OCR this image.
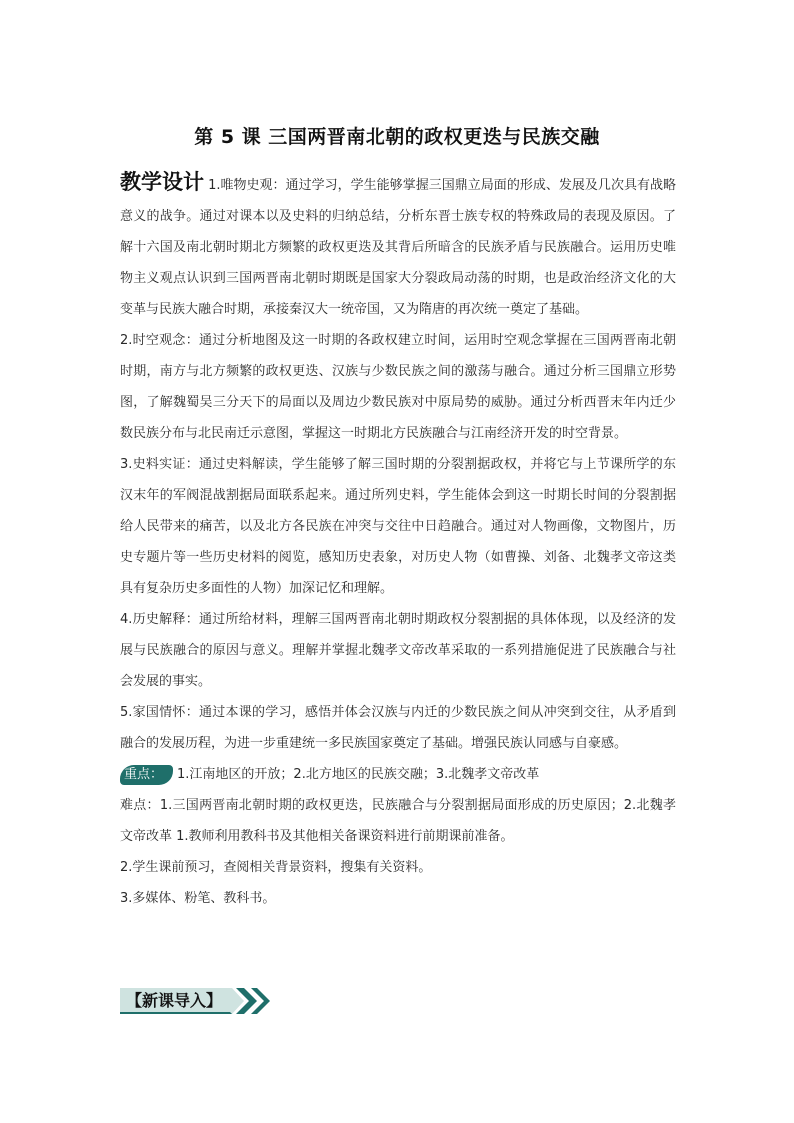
第 5 课 三国两晋南北朝的政权更迭与民族交融

教学设计 1.唯物史观：通过学习，学生能够掌握三国鼎立局面的形成、发展及几次具有战略意义的战争。通过对课本以及史料的归纳总结，分析东晋士族专权的特殊政局的表现及原因。了解十六国及南北朝时期北方频繁的政权更迭及其背后所暗含的民族矛盾与民族融合。运用历史唯物主义观点认识到三国两晋南北朝时期既是国家大分裂政局动荡的时期，也是政治经济文化的大变革与民族大融合时期，承接秦汉大一统帝国，又为隋唐的再次统一奠定了基础。

2.时空观念：通过分析地图及这一时期的各政权建立时间，运用时空观念掌握在三国两晋南北朝时期，南方与北方频繁的政权更迭、汉族与少数民族之间的激荡与融合。通过分析三国鼎立形势图，了解魏蜀吴三分天下的局面以及周边少数民族对中原局势的威胁。通过分析西晋末年内迁少数民族分布与北民南迁示意图，掌握这一时期北方民族融合与江南经济开发的时空背景。

3.史料实证：通过史料解读，学生能够了解三国时期的分裂割据政权，并将它与上节课所学的东汉末年的军阀混战割据局面联系起来。通过所列史料，学生能体会到这一时期长时间的分裂割据给人民带来的痛苦，以及北方各民族在冲突与交往中日趋融合。通过对人物画像，文物图片，历史专题片等一些历史材料的阅览，感知历史表象，对历史人物（如曹操、刘备、北魏孝文帝这类具有复杂历史多面性的人物）加深记忆和理解。

4.历史解释：通过所给材料，理解三国两晋南北朝时期政权分裂割据的具体体现，以及经济的发展与民族融合的原因与意义。理解并掌握北魏孝文帝改革采取的一系列措施促进了民族融合与社会发展的事实。

5.家国情怀：通过本课的学习，感悟并体会汉族与内迁的少数民族之间从冲突到交往，从矛盾到融合的发展历程，为进一步重建统一多民族国家奠定了基础。增强民族认同感与自豪感。

重点： 1.江南地区的开放；2.北方地区的民族交融；3.北魏孝文帝改革

难点：1.三国两晋南北朝时期的政权更迭，民族融合与分裂割据局面形成的历史原因；2.北魏孝文帝改革 1.教师利用教科书及其他相关备课资料进行前期课前准备。

2.学生课前预习，查阅相关背景资料，搜集有关资料。

3.多媒体、粉笔、教科书。

【新课导入】
